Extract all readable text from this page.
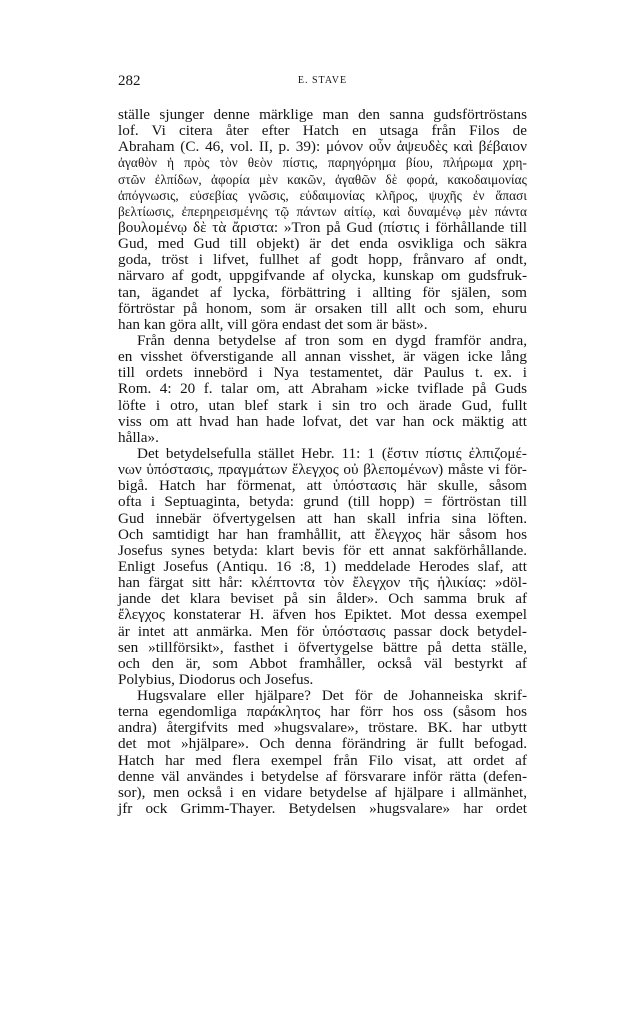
282	E. STAVE
ställe sjunger denne märklige man den sanna gudsförtröstans
lof. Vi citera åter efter Hatch en utsaga från Filos de
Abraham (C. 46, vol. II, p. 39): μόνον οὖν ἀψευδὲς καὶ βέβαιον
ἀγαθὸν ἡ πρὸς τὸν θεὸν πίστις, παρηγόρημα βίου, πλήρωμα χρη-
στῶν ἐλπίδων, ἀφορία μὲν κακῶν, ἀγαθῶν δὲ φορά, κακοδαιμονίας
ἀπόγνωσις, εὐσεβίας γνῶσις, εὐδαιμονίας κλῆρος, ψυχῆς ἐν ἅπασι
βελτίωσις, ἐπερηρεισμένης τῷ πάντων αἰτίῳ, καὶ δυναμένῳ μὲν πάντα
βουλομένῳ δὲ τὰ ἄριστα: »Tron på Gud (πίστις i förhållande till
Gud, med Gud till objekt) är det enda osvikliga och säkra
goda, tröst i lifvet, fullhet af godt hopp, frånvaro af ondt,
närvaro af godt, uppgifvande af olycka, kunskap om gudsfruk-
tan, ägandet af lycka, förbättring i allting för själen, som
förtröstar på honom, som är orsaken till allt och som, ehuru
han kan göra allt, vill göra endast det som är bäst».
Från denna betydelse af tron som en dygd framför andra,
en visshet öfverstigande all annan visshet, är vägen icke lång
till ordets innebörd i Nya testamentet, där Paulus t. ex. i
Rom. 4: 20 f. talar om, att Abraham »icke tviflade på Guds
löfte i otro, utan blef stark i sin tro och ärade Gud, fullt
viss om att hvad han hade lofvat, det var han ock mäktig att
hålla».
Det betydelsefulla stället Hebr. 11: 1 (ἔστιν πίστις ἐλπιζομέ-
νων ὑπόστασις, πραγμάτων ἔλεγχος οὐ βλεπομένων) måste vi för-
bigå. Hatch har förmenat, att ὑπόστασις här skulle, såsom
ofta i Septuaginta, betyda: grund (till hopp) = förtröstan till
Gud innebär öfvertygelsen att han skall infria sina löften.
Och samtidigt har han framhållit, att ἔλεγχος här såsom hos
Josefus synes betyda: klart bevis för ett annat sakförhållande.
Enligt Josefus (Antiqu. 16 :8, 1) meddelade Herodes slaf, att
han färgat sitt hår: κλέπτοντα τὸν ἔλεγχον τῆς ἡλικίας: »döl-
jande det klara beviset på sin ålder». Och samma bruk af
ἔλεγχος konstaterar H. äfven hos Epiktet. Mot dessa exempel
är intet att anmärka. Men för ὑπόστασις passar dock betydel-
sen »tillförsikt», fasthet i öfvertygelse bättre på detta ställe,
och den är, som Abbot framhåller, också väl bestyrkt af
Polybius, Diodorus och Josefus.
Hugsvalare eller hjälpare? Det för de Johanneiska skrif-
terna egendomliga παράκλητος har förr hos oss (såsom hos
andra) återgifvits med »hugsvalare», tröstare. BK. har utbytt
det mot »hjälpare». Och denna förändring är fullt befogad.
Hatch har med flera exempel från Filo visat, att ordet af
denne väl användes i betydelse af försvarare inför rätta (defen-
sor), men också i en vidare betydelse af hjälpare i allmänhet,
jfr ock Grimm-Thayer. Betydelsen »hugsvalare» har ordet
